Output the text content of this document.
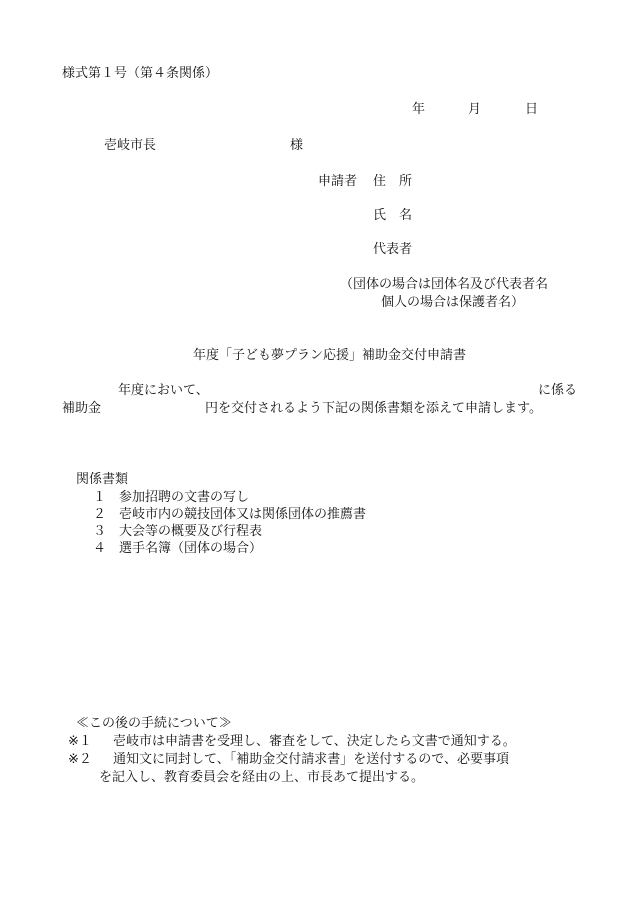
様式第１号（第４条関係）
年	月	日
壱岐市長	様
申請者 住　所
氏　名
代表者
（団体の場合は団体名及び代表者名
個人の場合は保護者名）
年度「子ども夢プラン応援」補助金交付申請書
年度において、	に係る
補助金	円を交付されるよう下記の関係書類を添えて申請します。
関係書類
１ 参加招聘の文書の写し
２ 壱岐市内の競技団体又は関係団体の推薦書
３ 大会等の概要及び行程表
４ 選手名簿（団体の場合）
≪この後の手続について≫
※１ 壱岐市は申請書を受理し、審査をして、決定したら文書で通知する。
※２ 通知文に同封して、「補助金交付請求書」を送付するので、必要事項
を記入し、教育委員会を経由の上、市長あて提出する。
